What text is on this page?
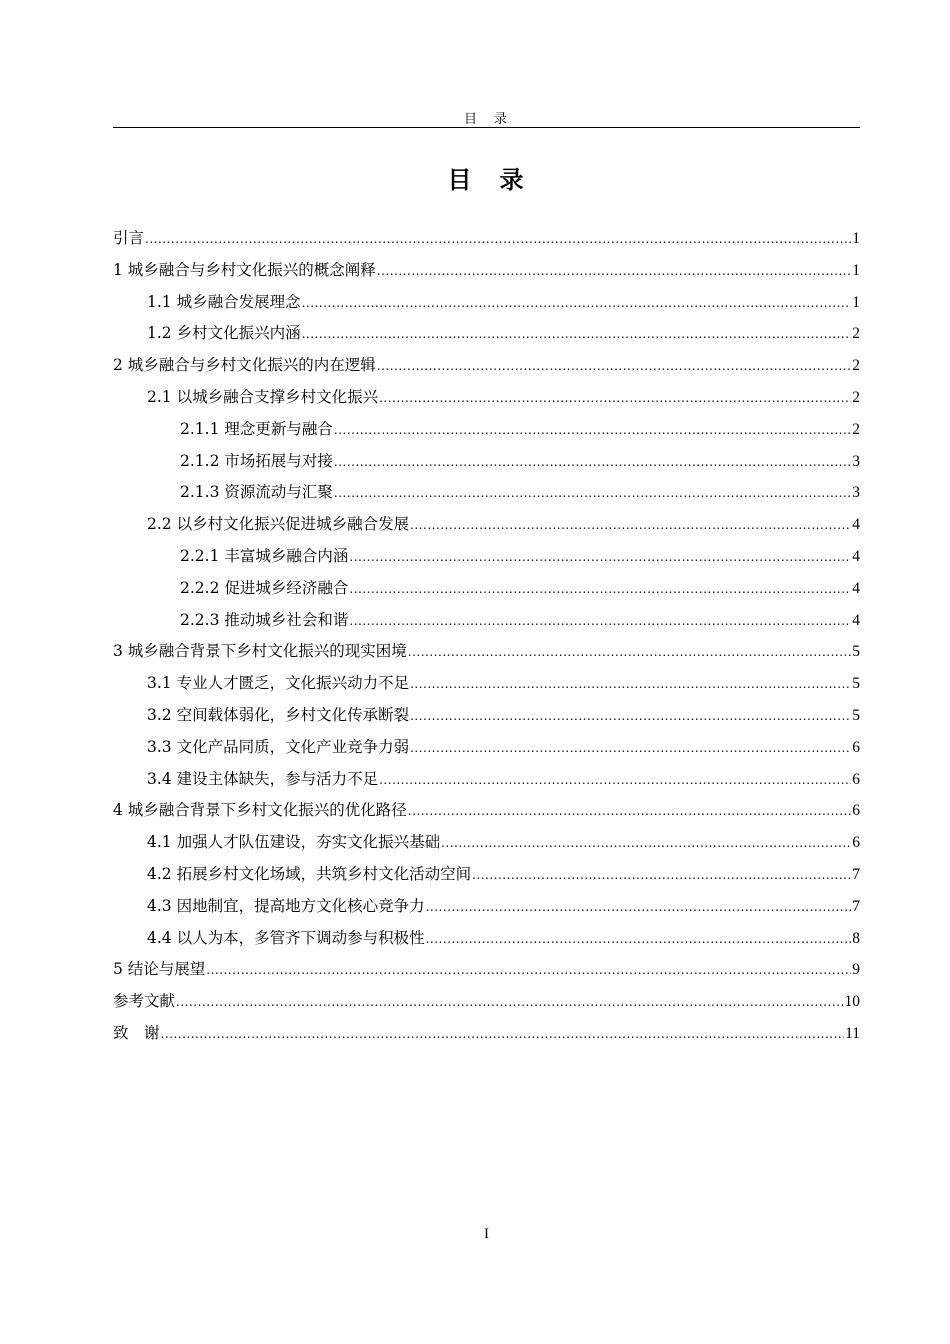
目　录
目　录
引言 .....	1
1 城乡融合与乡村文化振兴的概念阐释 .....	1
1.1 城乡融合发展理念 .....	1
1.2 乡村文化振兴内涵 .....	2
2 城乡融合与乡村文化振兴的内在逻辑 .....	2
2.1 以城乡融合支撑乡村文化振兴 .....	2
2.1.1 理念更新与融合 .....	2
2.1.2 市场拓展与对接 .....	3
2.1.3 资源流动与汇聚 .....	3
2.2 以乡村文化振兴促进城乡融合发展 .....	4
2.2.1 丰富城乡融合内涵 .....	4
2.2.2 促进城乡经济融合 .....	4
2.2.3 推动城乡社会和谐 .....	4
3 城乡融合背景下乡村文化振兴的现实困境 .....	5
3.1 专业人才匮乏，文化振兴动力不足 .....	5
3.2 空间载体弱化，乡村文化传承断裂 .....	5
3.3 文化产品同质，文化产业竞争力弱 .....	6
3.4 建设主体缺失，参与活力不足 .....	6
4 城乡融合背景下乡村文化振兴的优化路径 .....	6
4.1 加强人才队伍建设，夯实文化振兴基础 .....	6
4.2 拓展乡村文化场域，共筑乡村文化活动空间 .....	7
4.3 因地制宜，提高地方文化核心竞争力 .....	7
4.4 以人为本，多管齐下调动参与积极性 .....	8
5 结论与展望 .....	9
参考文献 .....	10
致　谢 .....	11
I
